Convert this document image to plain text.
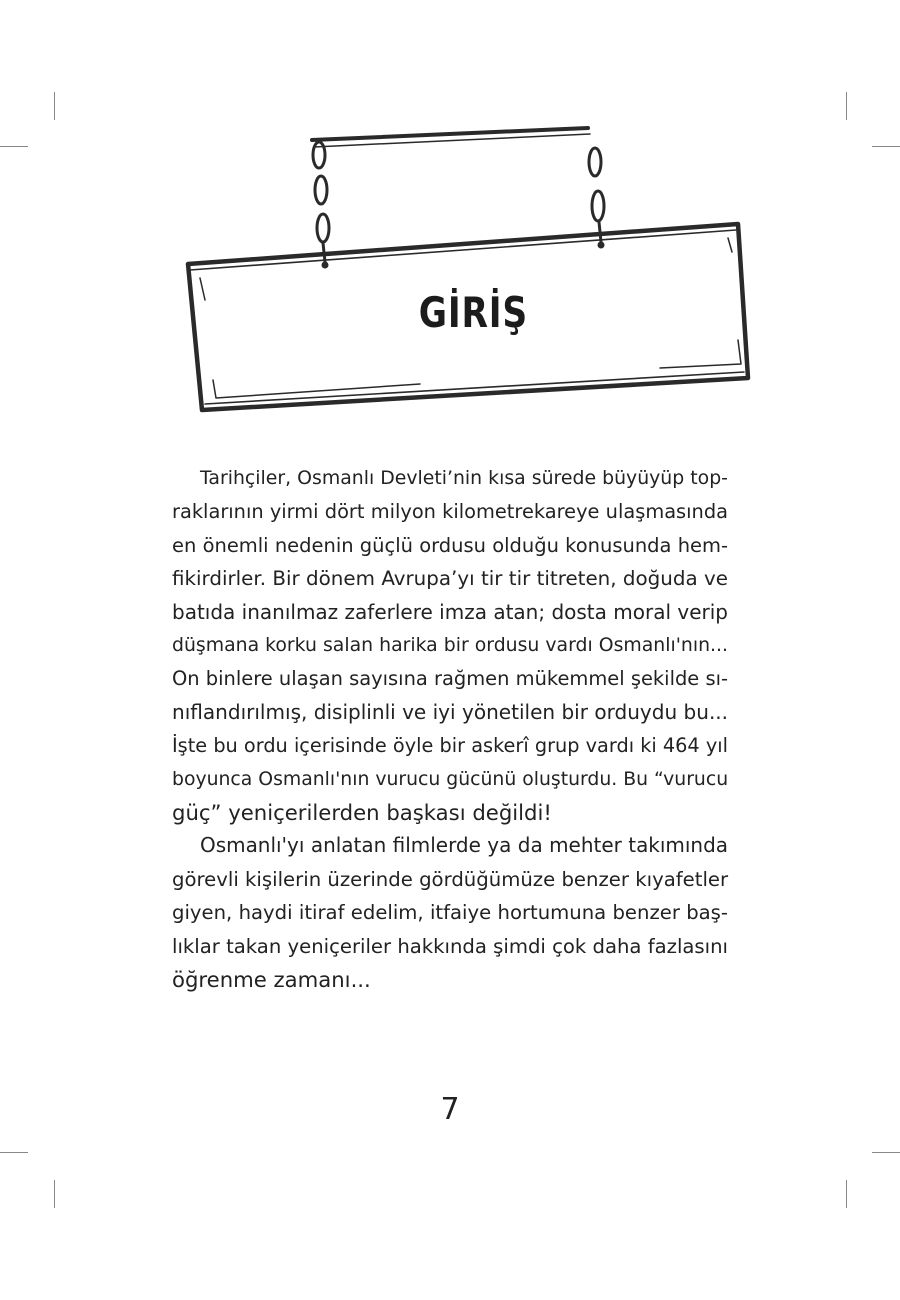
GİRİŞ

Tarihçiler, Osmanlı Devleti’nin kısa sürede büyüyüp top-
raklarının yirmi dört milyon kilometrekareye ulaşmasında
en önemli nedenin güçlü ordusu olduğu konusunda hem-
fikirdirler. Bir dönem Avrupa’yı tir tir titreten, doğuda ve
batıda inanılmaz zaferlere imza atan; dosta moral verip
düşmana korku salan harika bir ordusu vardı Osmanlı'nın...
On binlere ulaşan sayısına rağmen mükemmel şekilde sı-
nıflandırılmış, disiplinli ve iyi yönetilen bir orduydu bu...
İşte bu ordu içerisinde öyle bir askerî grup vardı ki 464 yıl
boyunca Osmanlı'nın vurucu gücünü oluşturdu. Bu “vurucu
güç” yeniçerilerden başkası değildi!

Osmanlı'yı anlatan filmlerde ya da mehter takımında
görevli kişilerin üzerinde gördüğümüze benzer kıyafetler
giyen, haydi itiraf edelim, itfaiye hortumuna benzer baş-
lıklar takan yeniçeriler hakkında şimdi çok daha fazlasını
öğrenme zamanı...

7
